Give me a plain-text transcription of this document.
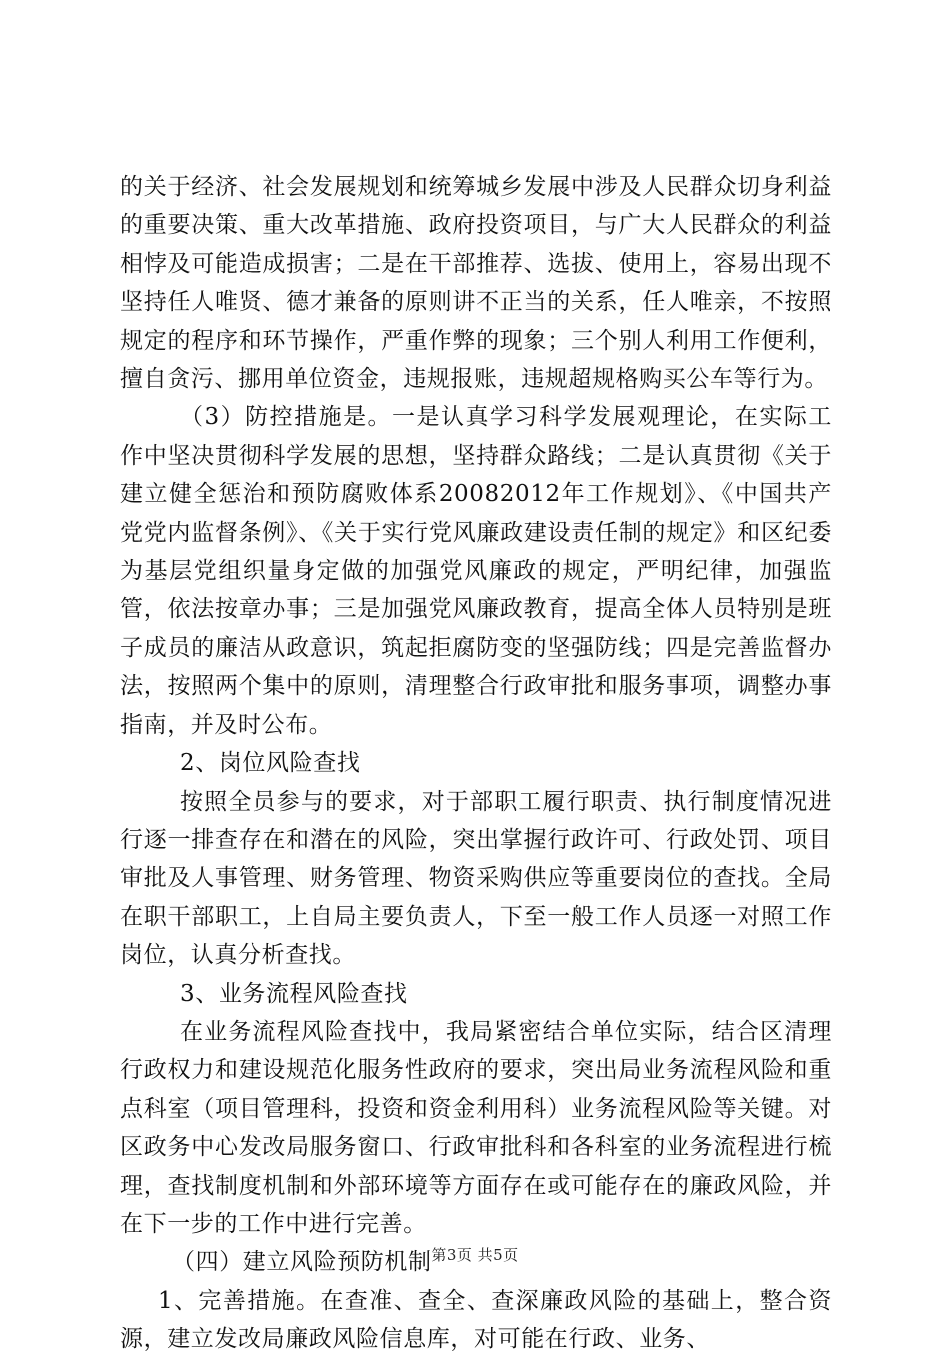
的关于经济、社会发展规划和统筹城乡发展中涉及人民群众切身利益的重要决策、重大改革措施、政府投资项目，与广大人民群众的利益相悖及可能造成损害；二是在干部推荐、选拔、使用上，容易出现不坚持任人唯贤、德才兼备的原则讲不正当的关系，任人唯亲，不按照规定的程序和环节操作，严重作弊的现象；三个别人利用工作便利，擅自贪污、挪用单位资金，违规报账，违规超规格购买公车等行为。

（3）防控措施是。一是认真学习科学发展观理论，在实际工作中坚决贯彻科学发展的思想，坚持群众路线；二是认真贯彻《关于建立健全惩治和预防腐败体系20082012年工作规划》、《中国共产党党内监督条例》、《关于实行党风廉政建设责任制的规定》和区纪委为基层党组织量身定做的加强党风廉政的规定，严明纪律，加强监管，依法按章办事；三是加强党风廉政教育，提高全体人员特别是班子成员的廉洁从政意识，筑起拒腐防变的坚强防线；四是完善监督办法，按照两个集中的原则，清理整合行政审批和服务事项，调整办事指南，并及时公布。

2、岗位风险查找

按照全员参与的要求，对于部职工履行职责、执行制度情况进行逐一排查存在和潜在的风险，突出掌握行政许可、行政处罚、项目审批及人事管理、财务管理、物资采购供应等重要岗位的查找。全局在职干部职工，上自局主要负责人，下至一般工作人员逐一对照工作岗位，认真分析查找。

3、业务流程风险查找

在业务流程风险查找中，我局紧密结合单位实际，结合区清理行政权力和建设规范化服务性政府的要求，突出局业务流程风险和重点科室（项目管理科，投资和资金利用科）业务流程风险等关键。对区政务中心发改局服务窗口、行政审批科和各科室的业务流程进行梳理，查找制度机制和外部环境等方面存在或可能存在的廉政风险，并在下一步的工作中进行完善。

（四）建立风险预防机制

1、完善措施。在查准、查全、查深廉政风险的基础上，整合资源，建立发改局廉政风险信息库，对可能在行政、业务、

第3页 共5页
